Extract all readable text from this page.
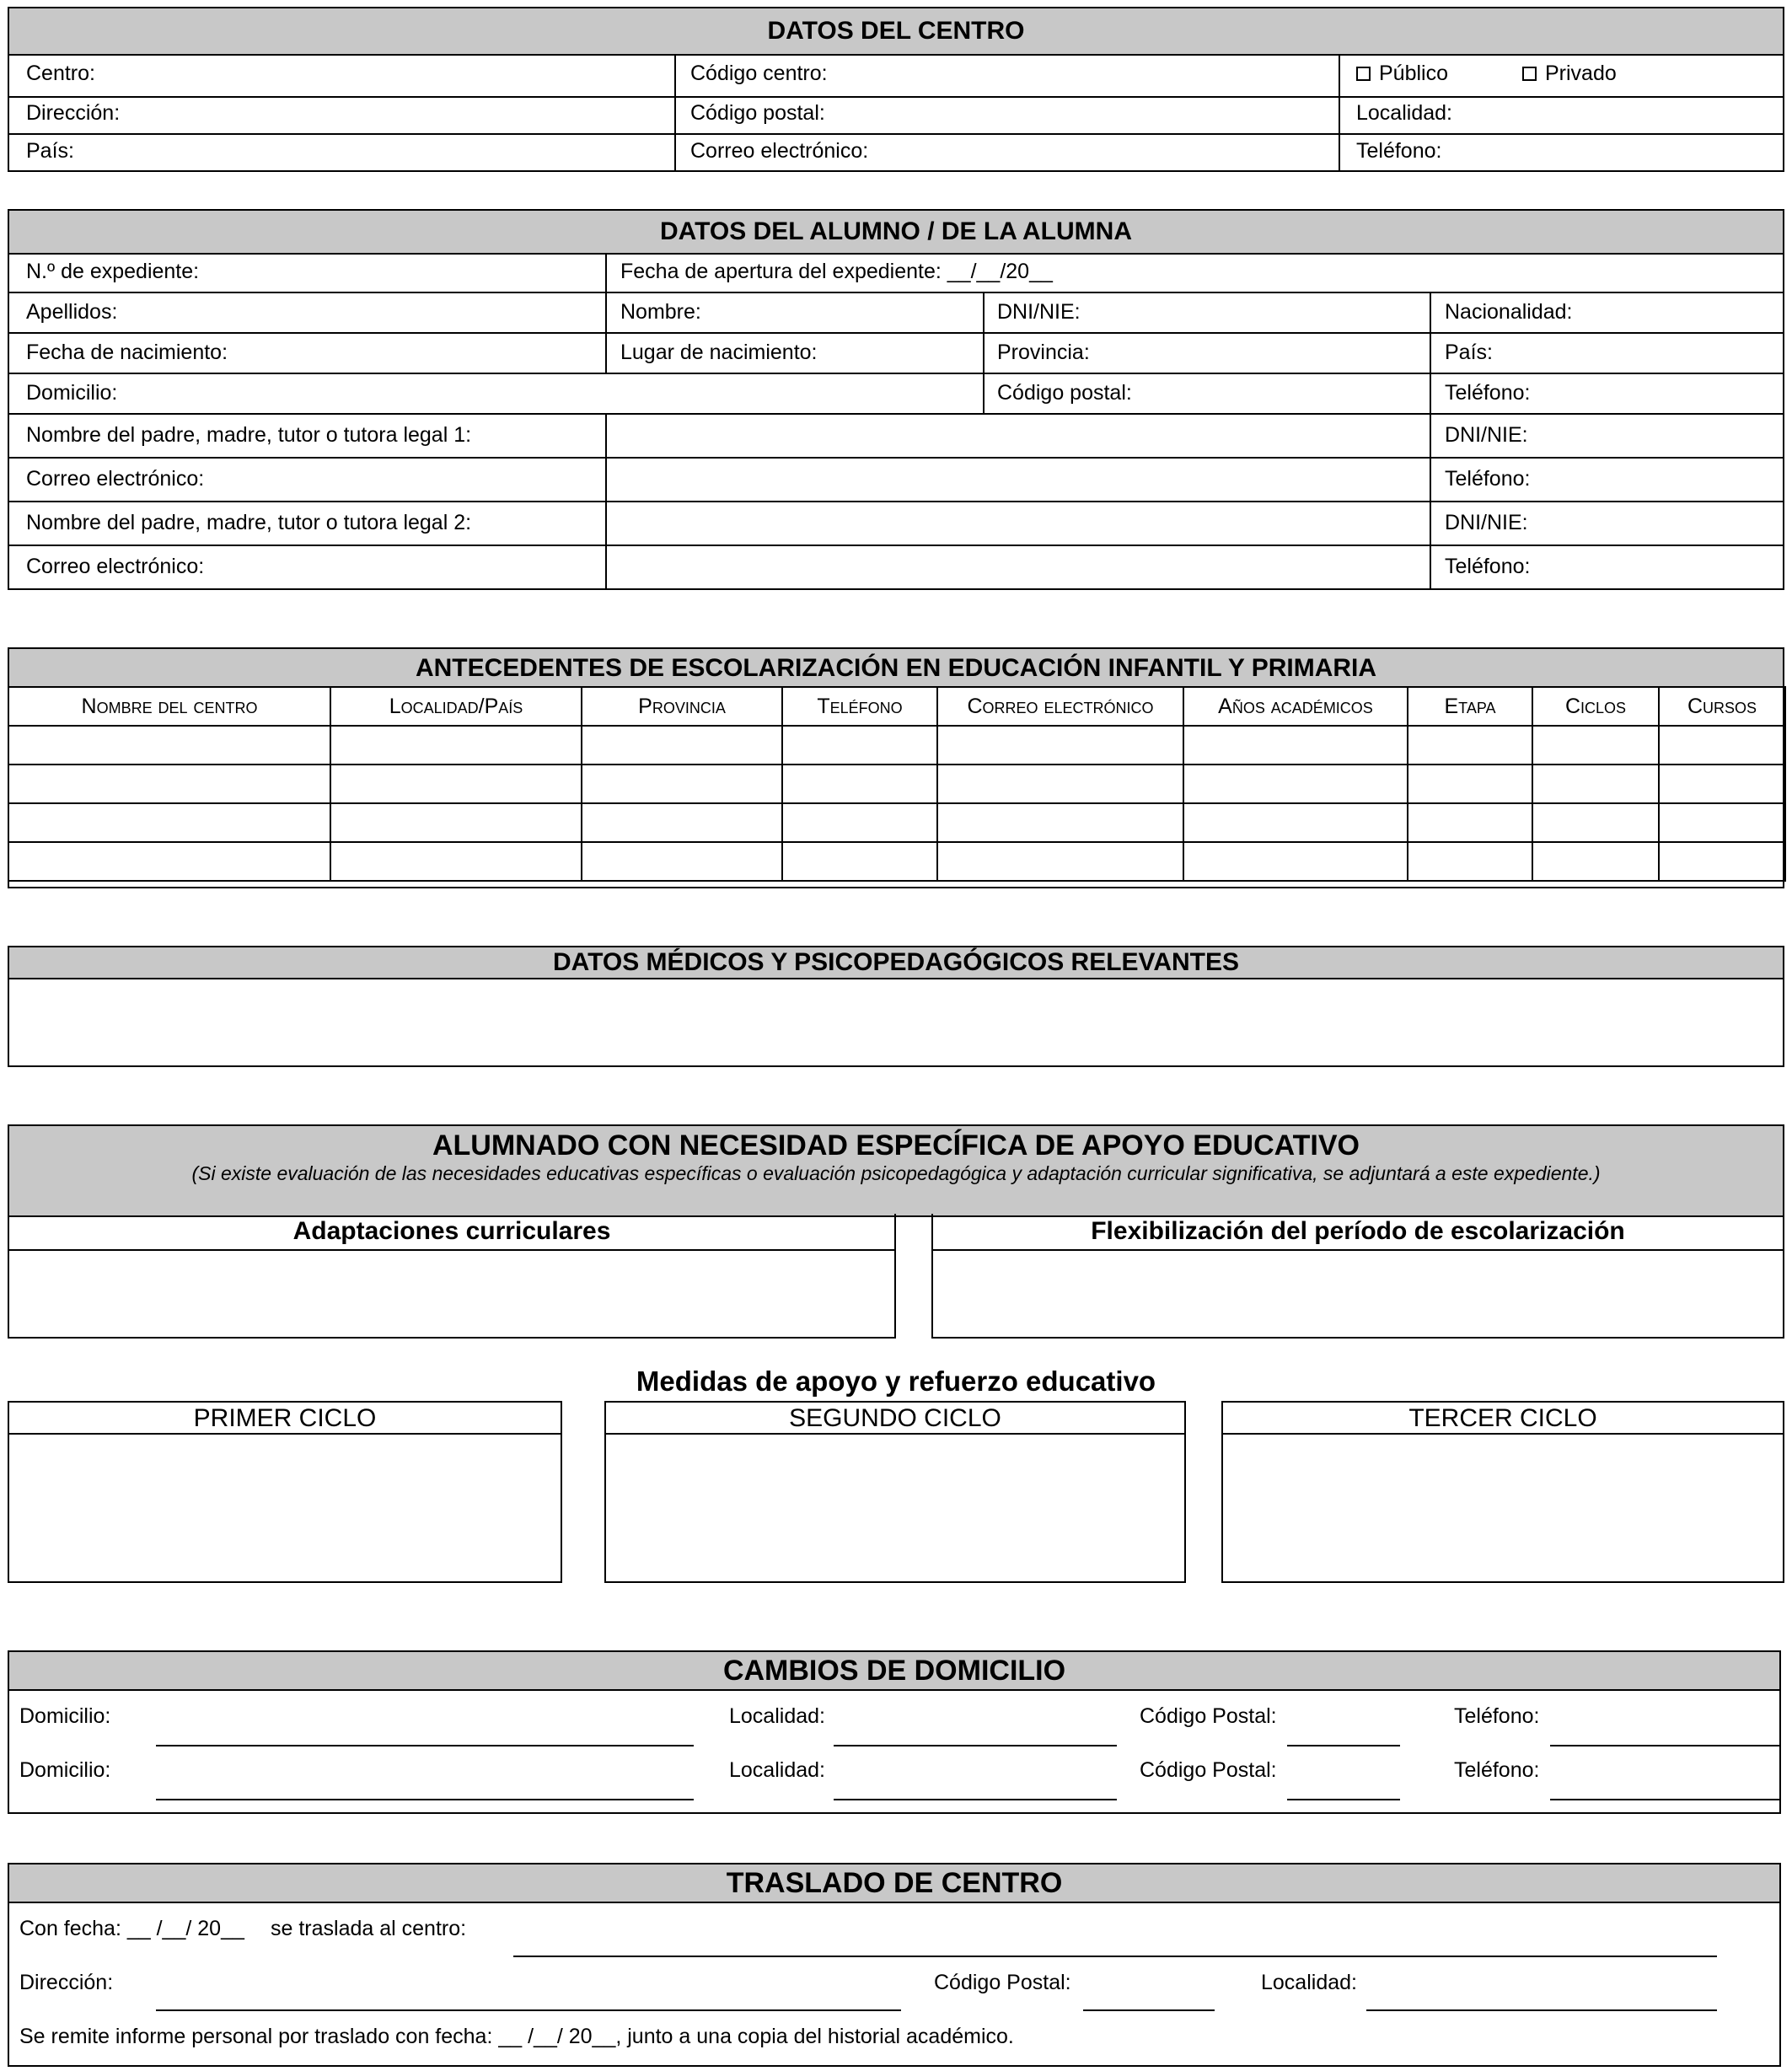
DATOS DEL CENTRO
Centro:	Código centro:	Público	Privado
Dirección:	Código postal:	Localidad:
País:	Correo electrónico:	Teléfono:
DATOS DEL ALUMNO / DE LA ALUMNA
N.º de expediente:	Fecha de apertura del expediente: __/__/20__
Apellidos:	Nombre:	DNI/NIE:	Nacionalidad:
Fecha de nacimiento:	Lugar de nacimiento:	Provincia:	País:
Domicilio:	Código postal:	Teléfono:
Nombre del padre, madre, tutor o tutora legal 1:	DNI/NIE:
Correo electrónico:	Teléfono:
Nombre del padre, madre, tutor o tutora legal 2:	DNI/NIE:
Correo electrónico:	Teléfono:
ANTECEDENTES DE ESCOLARIZACIÓN EN EDUCACIÓN INFANTIL Y PRIMARIA
Nombre del centro	Localidad/País	Provincia	Teléfono	Correo electrónico	Años académicos	Etapa	Ciclos	Cursos

DATOS MÉDICOS Y PSICOPEDAGÓGICOS RELEVANTES
ALUMNADO CON NECESIDAD ESPECÍFICA DE APOYO EDUCATIVO
(Si existe evaluación de las necesidades educativas específicas o evaluación psicopedagógica y adaptación curricular significativa, se adjuntará a este expediente.)
Adaptaciones curriculares	Flexibilización del período de escolarización
Medidas de apoyo y refuerzo educativo
PRIMER CICLO	SEGUNDO CICLO	TERCER CICLO
CAMBIOS DE DOMICILIO
Domicilio:	Localidad:	Código Postal:	Teléfono:
Domicilio:	Localidad:	Código Postal:	Teléfono:
TRASLADO DE CENTRO
Con fecha: __ /__/ 20__ se traslada al centro:
Dirección:	Código Postal:	Localidad:
Se remite informe personal por traslado con fecha: __ /__/ 20__, junto a una copia del historial académico.
